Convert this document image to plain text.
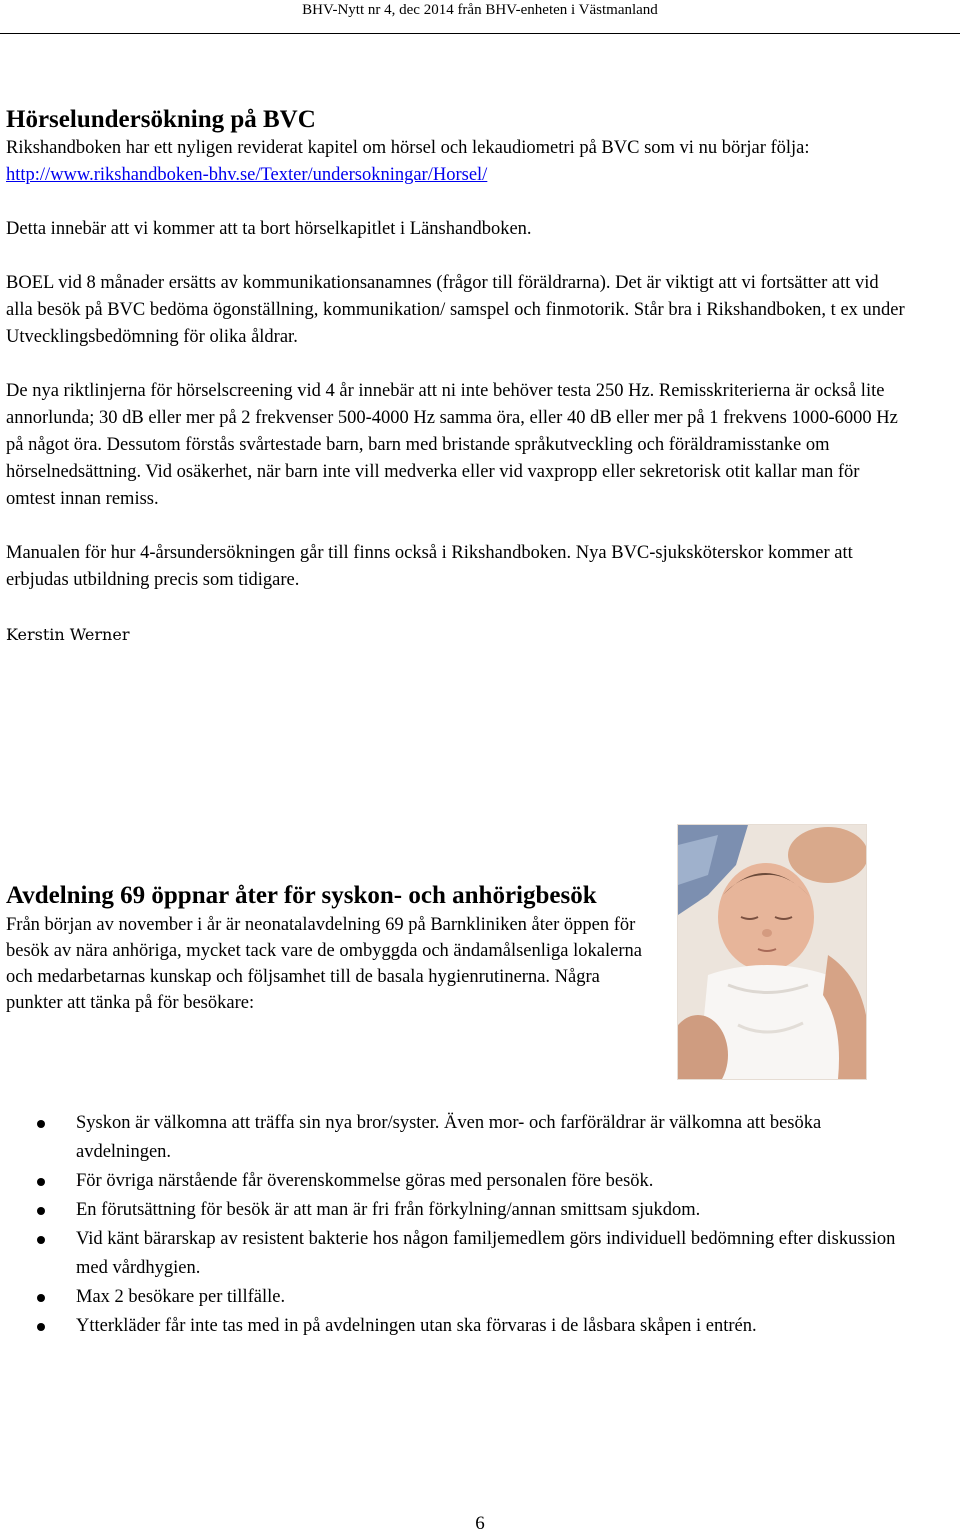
BHV-Nytt nr 4, dec 2014 från BHV-enheten i Västmanland
Hörselundersökning på BVC

Rikshandboken har ett nyligen reviderat kapitel om hörsel och lekaudiometri på BVC som vi nu börjar följa:

http://www.rikshandboken-bhv.se/Texter/undersokningar/Horsel/

Detta innebär att vi kommer att ta bort hörselkapitlet i Länshandboken.

BOEL vid 8 månader ersätts av kommunikationsanamnes (frågor till föräldrarna). Det är viktigt att vi fortsätter att vid alla besök på BVC bedöma ögonställning, kommunikation/ samspel och finmotorik. Står bra i Rikshandboken, t ex under Utvecklingsbedömning för olika åldrar.

De nya riktlinjerna för hörselscreening vid 4 år innebär att ni inte behöver testa 250 Hz. Remisskriterierna är också lite annorlunda; 30 dB eller mer på 2 frekvenser 500-4000 Hz samma öra, eller 40 dB eller mer på 1 frekvens 1000-6000 Hz på något öra. Dessutom förstås svårtestade barn, barn med bristande språkutveckling och föräldramisstanke om hörselnedsättning. Vid osäkerhet, när barn inte vill medverka eller vid vaxpropp eller sekretorisk otit kallar man för omtest innan remiss.

Manualen för hur 4-årsundersökningen går till finns också i Rikshandboken. Nya BVC-sjuksköterskor kommer att erbjudas utbildning precis som tidigare.

Kerstin Werner

Avdelning 69 öppnar åter för syskon- och anhörigbesök

Från början av november i år är neonatalavdelning 69 på Barnkliniken åter öppen för besök av nära anhöriga, mycket tack vare de ombyggda och ändamålsenliga lokalerna och medarbetarnas kunskap och följsamhet till de basala hygienrutinerna. Några punkter att tänka på för besökare:

Syskon är välkomna att träffa sin nya bror/syster. Även mor- och farföräldrar är välkomna att besöka avdelningen.
För övriga närstående får överenskommelse göras med personalen före besök.
En förutsättning för besök är att man är fri från förkylning/annan smittsam sjukdom.
Vid känt bärarskap av resistent bakterie hos någon familjemedlem görs individuell bedömning efter diskussion med vårdhygien.
Max 2 besökare per tillfälle.
Ytterkläder får inte tas med in på avdelningen utan ska förvaras i de låsbara skåpen i entrén.
6
